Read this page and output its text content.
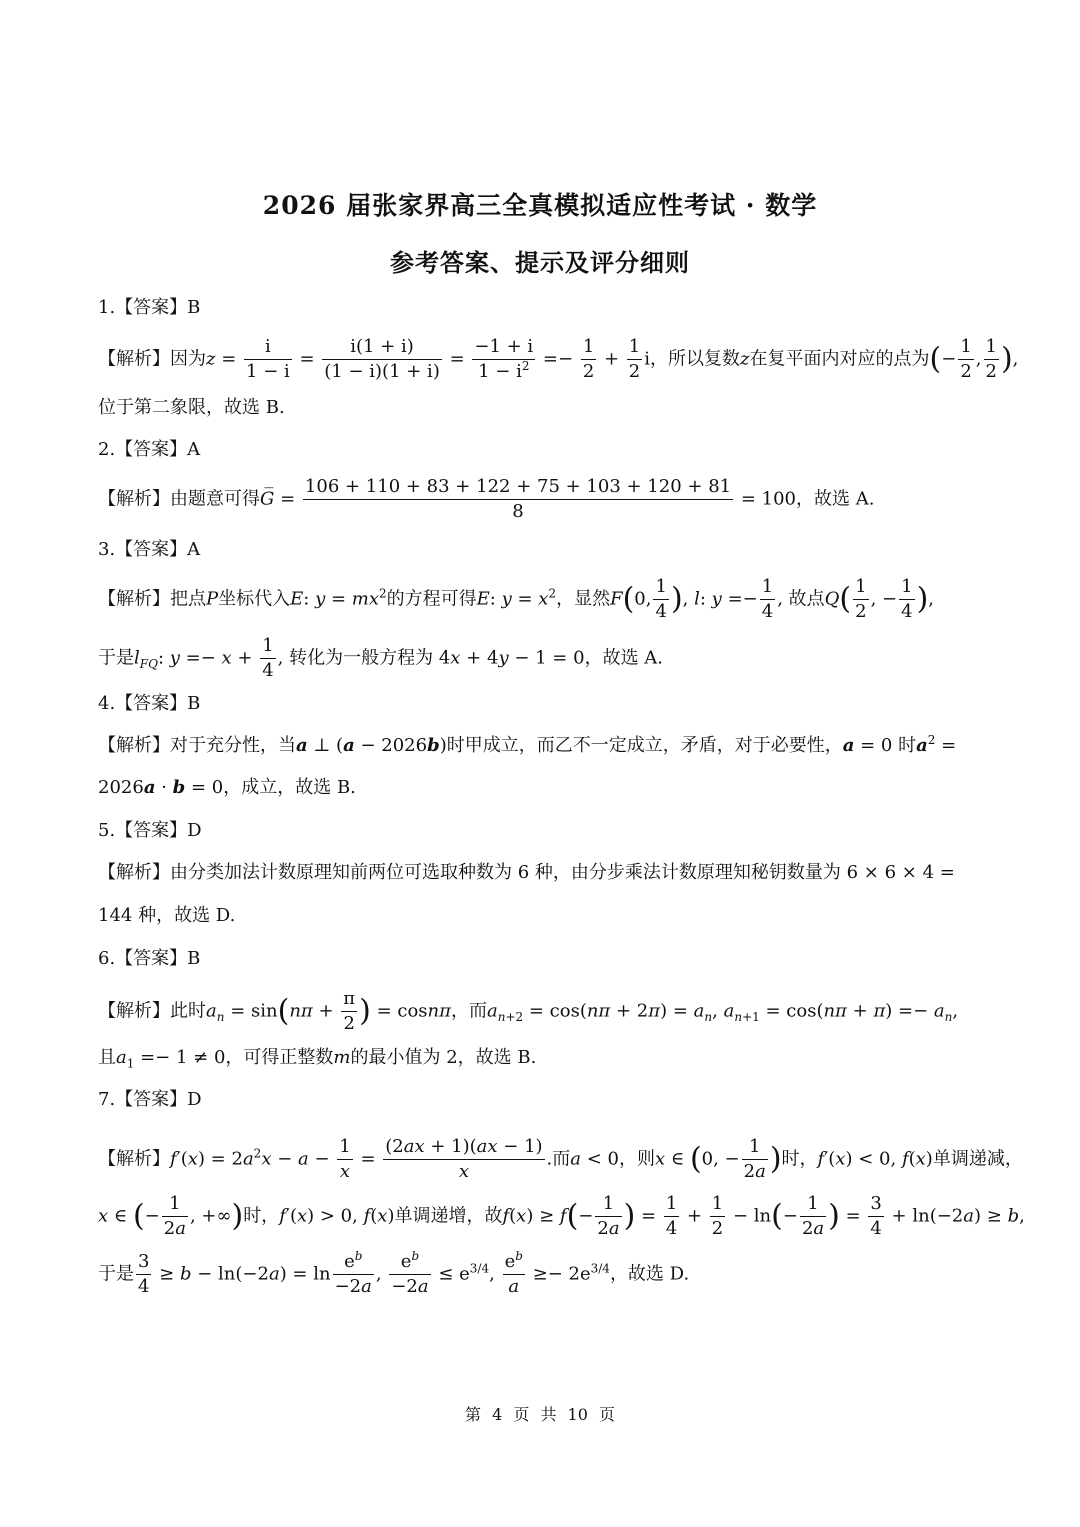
2026 届张家界高三全真模拟适应性考试 · 数学
参考答案、提示及评分细则
1.【答案】B
【解析】因为$z = \frac{i}{1 - i} = \frac{i(1 + i)}{(1 - i)(1 + i)} = \frac{-1 + i}{1 - i^2} =- \frac{1}{2} + \frac{1}{2}$ i，所以复数z在复平面内对应的点为(− $\frac{1}{2}$ , $\frac{1}{2}$ ),
位于第二象限，故选 B.
2.【答案】A
【解析】由题意可得G̅ = $\frac{106 + 110 + 83 + 122 + 75 + 103 + 120 + 81}{8} = 100$，故选 A.
3.【答案】A
【解析】把点P坐标代入E: $y = mx^2$的方程可得E: $y = x^2$，显然F(0, $\frac{1}{4}$ ), l: $y =- \frac{1}{4}$ , 故点$Q( \frac{1}{2}$ , − $\frac{1}{4}$ ),
于是$l_{FQ}$: $y =- x + \frac{1}{4}$ , 转化为一般方程为 4x + 4y − 1 = 0，故选 A.
4.【答案】B
【解析】对于充分性，当a ⊥ (a − 2026b)时甲成立，而乙不一定成立，矛盾，对于必要性，a = 0 时$a^2$ =
2026a · b = 0，成立，故选 B.
5.【答案】D
【解析】由分类加法计数原理知前两位可选取种数为 6 种，由分步乘法计数原理知秘钥数量为 6 × 6 × 4 =
144 种，故选 D.
6.【答案】B
【解析】此时$a_n = \sin(n\pi + \frac{\pi}{2}$ ) = cosnπ，而$a_{n+2} = \cos(n\pi + 2\pi) = a_n$, $a_{n+1} = \cos(n\pi + \pi) =- a_n$,
且$a_1 =- 1 \ne 0$，可得正整数m的最小值为 2，故选 B.
7.【答案】D
【解析】$f'(x) = 2a^2x - a - \frac{1}{x} = \frac{(2ax + 1)(ax - 1)}{x}$ .而a < 0，则x ∈ (0, − $\frac{1}{2a}$ )时，f′(x) < 0, f(x)单调递减，
x ∈ (− $\frac{1}{2a}$ , +∞)时，f′(x) > 0, f(x)单调递增，故$f(x) \ge f(- \frac{1}{2a}$ ) = $\frac{1}{4} + \frac{1}{2} - \ln(- \frac{1}{2a}$ ) = $\frac{3}{4} + \ln(-2a) \ge b$,
于是 $\frac{3}{4} \ge b - \ln(-2a) = \ln \frac{e^b}{-2a}$ , $\frac{e^b}{-2a} \le e^{3/4}$, $\frac{e^b}{a} \ge- 2e^{3/4}$，故选 D.
第 4 页 共 10 页
